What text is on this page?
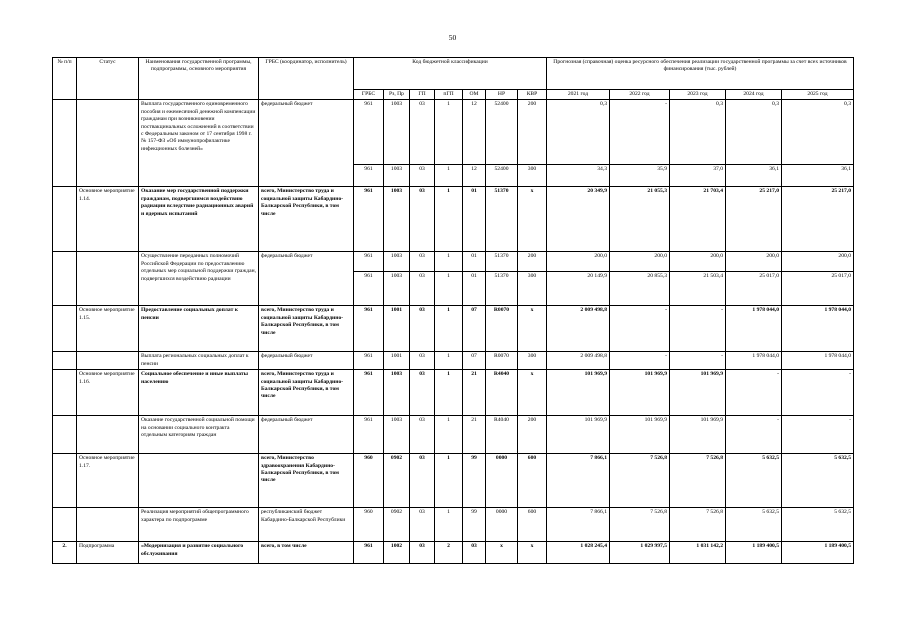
50
№ п/п	Статус	Наименования государственной программы, подпрограммы, основного мероприятия	ГРБС (координатор, исполнитель)	Код бюджетной классификации							Прогнозная (справочная) оценка ресурсного обеспечения реализации государственной программы за счет всех источников финансирования (тыс. рублей)				
				ГРБС	Рз, Пр	ГП	пГП	ОМ	НР	КВР	2021 год	2022 год	2023 год	2024 год	2025 год
		Выплата государственного единовременного пособия и ежемесячной денежной компенсации гражданам при возникновении поствакцинальных осложнений в соответствии с Федеральным законом от 17 сентября 1998 г. № 157-ФЗ «Об иммунопрофилактике инфекционных болезней»	федеральный бюджет	961	1003	03	1	12	52400	200	0,3	-	0,3	0,3	0,3
				961	1003	03	1	12	52400	300	34,3	35,9	37,0	36,1	36,1
	Основное мероприятие 1.14.	Оказание мер государственной поддержки гражданам, подвергшимся воздействию радиации вследствие радиационных аварий и ядерных испытаний	всего, Министерство труда и социальной защиты Кабардино-Балкарской Республики, в том числе	961	1003	03	1	01	51370	х	20 349,9	21 055,3	21 703,4	25 217,0	25 217,0
		Осуществление переданных полномочий Российской Федерации по предоставлению отдельных мер социальной поддержки граждан, подвергшихся воздействию радиации	федеральный бюджет	961	1003	03	1	01	51370	200	200,0	200,0	200,0	200,0	200,0
				961	1003	03	1	01	51370	300	20 149,9	20 855,3	21 503,4	25 017,0	25 017,0
	Основное мероприятие 1.15.	Предоставление социальных доплат к пенсии	всего, Министерство труда и социальной защиты Кабардино-Балкарской Республики, в том числе	961	1001	03	1	07	R0070	х	2 009 498,8	-	-	1 978 044,0	1 978 044,0
		Выплата региональных социальных доплат к пенсии	федеральный бюджет	961	1001	03	1	07	R0070	300	2 009 498,8	-	-	1 978 044,0	1 978 044,0
	Основное мероприятие 1.16.	Социальное обеспечение и иные выплаты населению	всего, Министерство труда и социальной защиты Кабардино-Балкарской Республики, в том числе	961	1003	03	1	21	R4040	х	101 969,9	101 969,9	101 969,9	-	-
		Оказание государственной социальной помощи на основании социального контракта отдельным категориям граждан	федеральный бюджет	961	1003	03	1	21	R4040	200	101 969,9	101 969,9	101 969,9	-	-
	Основное мероприятие 1.17.		всего, Министерство здравоохранения Кабардино-Балкарской Республики, в том числе	960	0902	03	1	99	0000	600	7 866,1	7 526,8	7 526,8	5 632,5	5 632,5
		Реализация мероприятий общепрограммного характера по подпрограмме	республиканский бюджет Кабардино-Балкарской Республики	960	0902	03	1	99	0000	600	7 866,1	7 526,8	7 526,8	5 632,5	5 632,5
2.	Подпрограмма	«Модернизация и развитие социального обслуживания	всего, в том числе	961	1002	03	2	03	х	х	1 028 245,4	1 029 997,5	1 031 142,2	1 189 400,5	1 189 400,5
